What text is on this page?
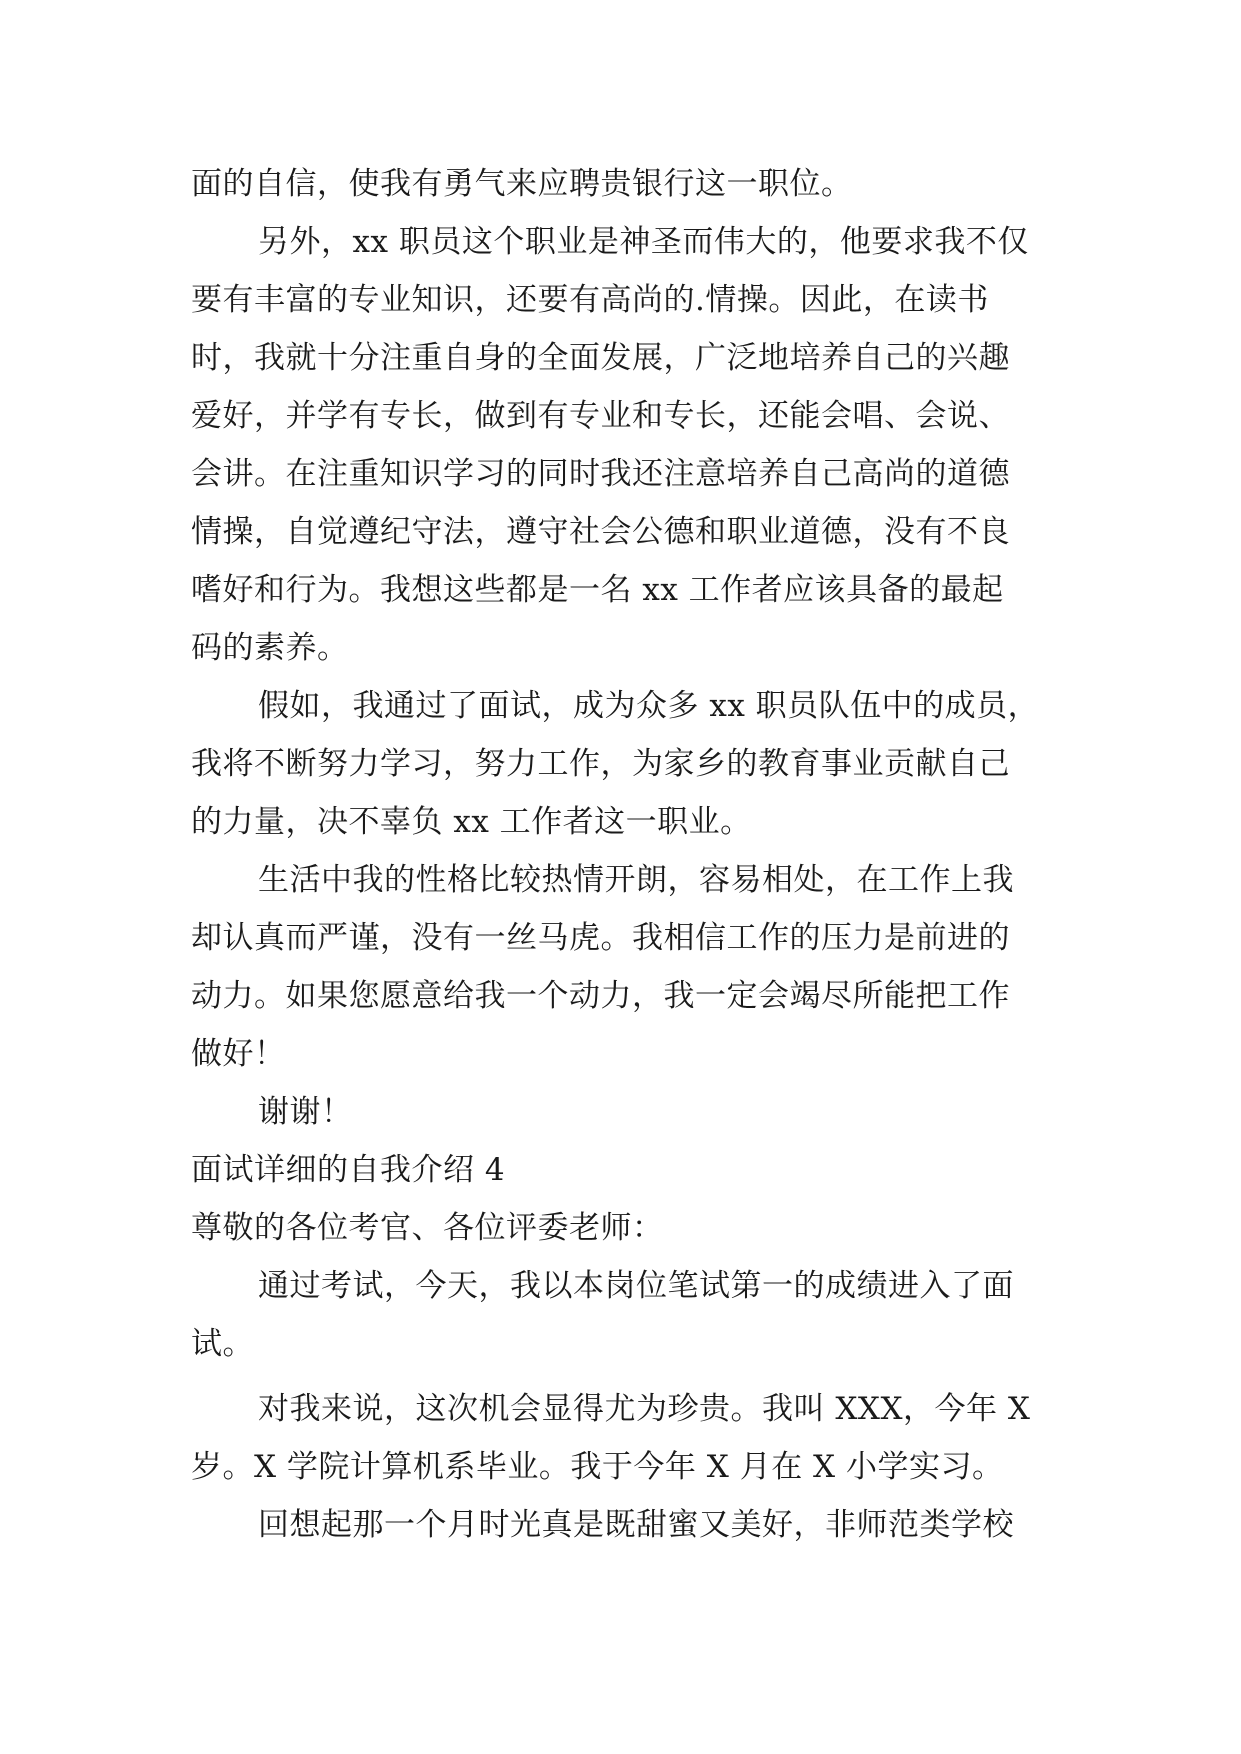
面的自信，使我有勇气来应聘贵银行这一职位。
另外，xx 职员这个职业是神圣而伟大的，他要求我不仅
要有丰富的专业知识，还要有高尚的.情操。因此，在读书
时，我就十分注重自身的全面发展，广泛地培养自己的兴趣
爱好，并学有专长，做到有专业和专长，还能会唱、会说、
会讲。在注重知识学习的同时我还注意培养自己高尚的道德
情操，自觉遵纪守法，遵守社会公德和职业道德，没有不良
嗜好和行为。我想这些都是一名 xx 工作者应该具备的最起
码的素养。
假如，我通过了面试，成为众多 xx 职员队伍中的成员，
我将不断努力学习，努力工作，为家乡的教育事业贡献自己
的力量，决不辜负 xx 工作者这一职业。
生活中我的性格比较热情开朗，容易相处，在工作上我
却认真而严谨，没有一丝马虎。我相信工作的压力是前进的
动力。如果您愿意给我一个动力，我一定会竭尽所能把工作
做好！
谢谢！
面试详细的自我介绍 4
尊敬的各位考官、各位评委老师：
通过考试，今天，我以本岗位笔试第一的成绩进入了面
试。
对我来说，这次机会显得尤为珍贵。我叫 XXX，今年 X
岁。X 学院计算机系毕业。我于今年 X 月在 X 小学实习。
回想起那一个月时光真是既甜蜜又美好，非师范类学校
